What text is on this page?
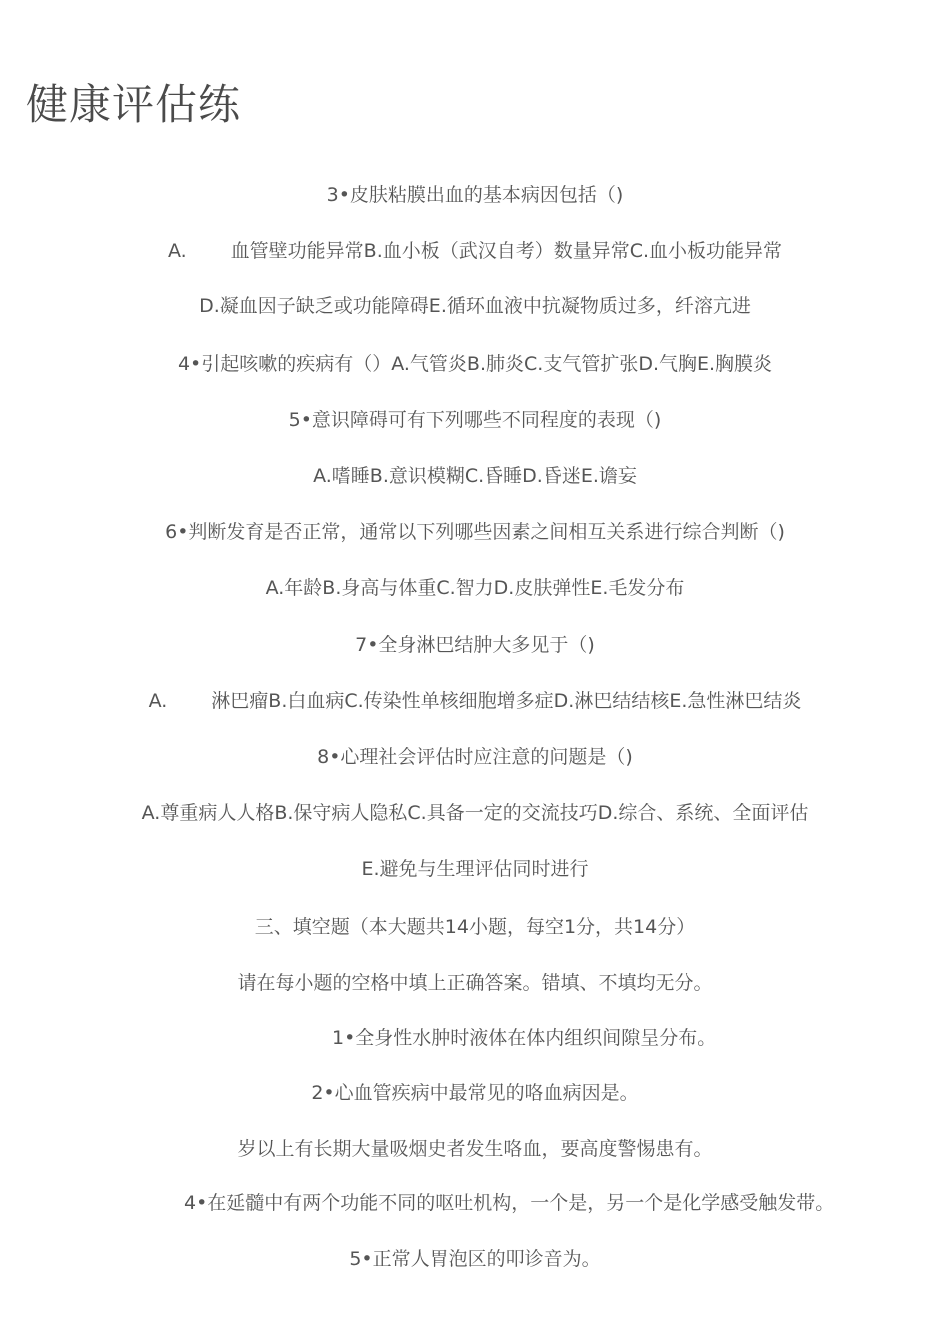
健康评估练
3•皮肤粘膜出血的基本病因包括（)
A. 血管壁功能异常B.血小板（武汉自考）数量异常C.血小板功能异常
D.凝血因子缺乏或功能障碍E.循环血液中抗凝物质过多，纤溶亢进
4•引起咳嗽的疾病有（）A.气管炎B.肺炎C.支气管扩张D.气胸E.胸膜炎
5•意识障碍可有下列哪些不同程度的表现（)
A.嗜睡B.意识模糊C.昏睡D.昏迷E.谵妄
6•判断发育是否正常，通常以下列哪些因素之间相互关系进行综合判断（)
A.年龄B.身高与体重C.智力D.皮肤弹性E.毛发分布
7•全身淋巴结肿大多见于（)
A. 淋巴瘤B.白血病C.传染性单核细胞增多症D.淋巴结结核E.急性淋巴结炎
8•心理社会评估时应注意的问题是（)
A.尊重病人人格B.保守病人隐私C.具备一定的交流技巧D.综合、系统、全面评估
E.避免与生理评估同时进行
三、填空题（本大题共14小题，每空1分，共14分）
请在每小题的空格中填上正确答案。错填、不填均无分。
1•全身性水肿时液体在体内组织间隙呈分布。
2•心血管疾病中最常见的咯血病因是。
岁以上有长期大量吸烟史者发生咯血，要高度警惕患有。
4•在延髓中有两个功能不同的呕吐机构，一个是，另一个是化学感受触发带。
5•正常人胃泡区的叩诊音为。
